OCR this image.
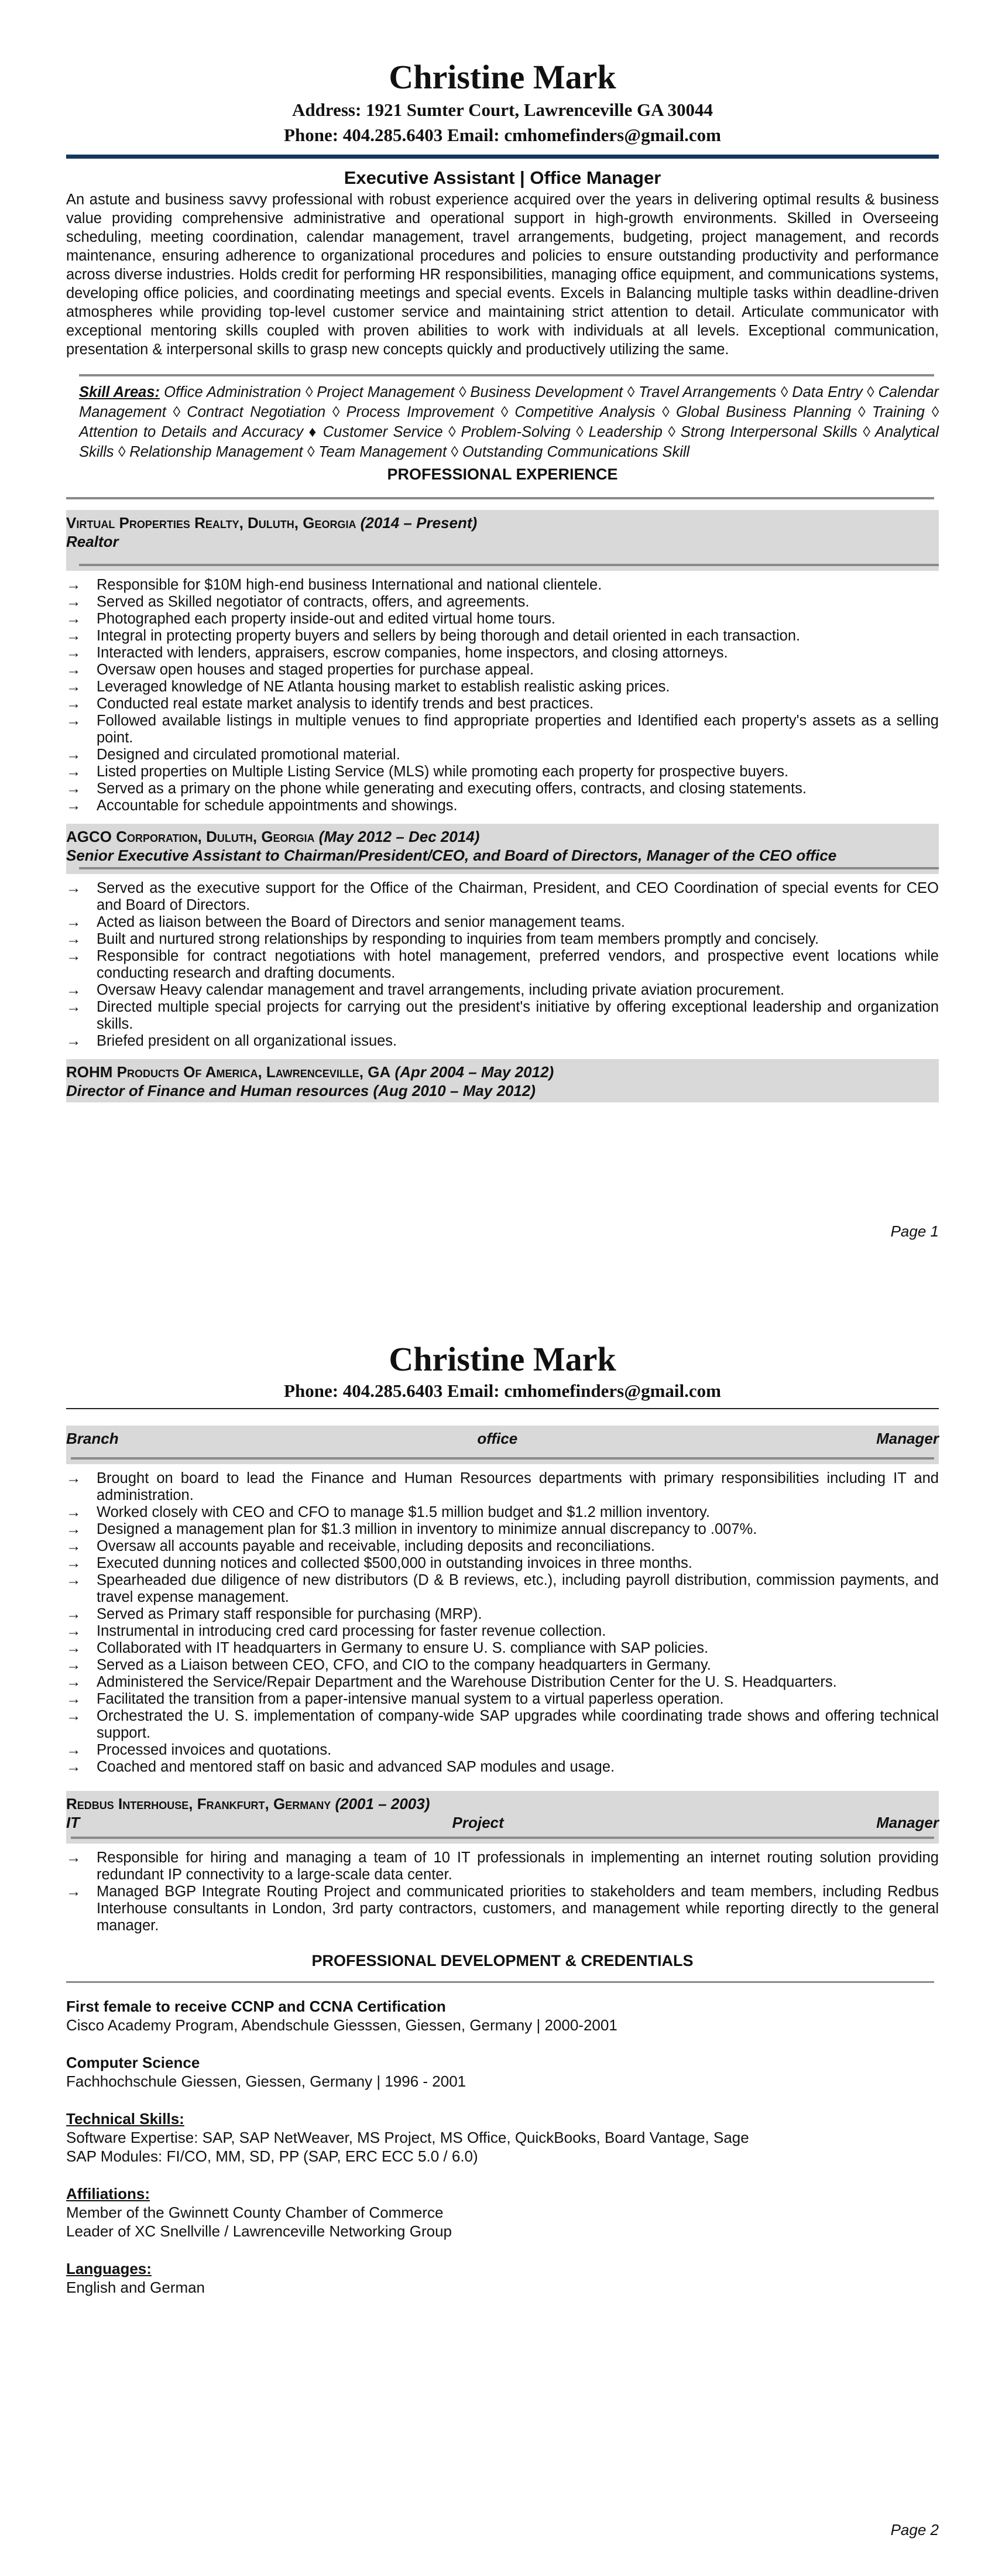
Christine Mark
Address: 1921 Sumter Court, Lawrenceville GA 30044
Phone: 404.285.6403 Email: cmhomefinders@gmail.com
Executive Assistant | Office Manager
An astute and business savvy professional with robust experience acquired over the years in delivering optimal results & business value providing comprehensive administrative and operational support in high-growth environments. Skilled in Overseeing scheduling, meeting coordination, calendar management, travel arrangements, budgeting, project management, and records maintenance, ensuring adherence to organizational procedures and policies to ensure outstanding productivity and performance across diverse industries. Holds credit for performing HR responsibilities, managing office equipment, and communications systems, developing office policies, and coordinating meetings and special events. Excels in Balancing multiple tasks within deadline-driven atmospheres while providing top-level customer service and maintaining strict attention to detail. Articulate communicator with exceptional mentoring skills coupled with proven abilities to work with individuals at all levels. Exceptional communication, presentation & interpersonal skills to grasp new concepts quickly and productively utilizing the same.
Skill Areas: Office Administration ◊ Project Management ◊ Business Development ◊ Travel Arrangements ◊ Data Entry ◊ Calendar Management ◊ Contract Negotiation ◊ Process Improvement ◊ Competitive Analysis ◊ Global Business Planning ◊ Training ◊ Attention to Details and Accuracy ♦ Customer Service ◊ Problem-Solving ◊ Leadership ◊ Strong Interpersonal Skills ◊ Analytical Skills ◊ Relationship Management ◊ Team Management ◊ Outstanding Communications Skill
PROFESSIONAL EXPERIENCE
Virtual Properties Realty, Duluth, Georgia (2014 – Present)
Realtor
→ Responsible for $10M high-end business International and national clientele.
→ Served as Skilled negotiator of contracts, offers, and agreements.
→ Photographed each property inside-out and edited virtual home tours.
→ Integral in protecting property buyers and sellers by being thorough and detail oriented in each transaction.
→ Interacted with lenders, appraisers, escrow companies, home inspectors, and closing attorneys.
→ Oversaw open houses and staged properties for purchase appeal.
→ Leveraged knowledge of NE Atlanta housing market to establish realistic asking prices.
→ Conducted real estate market analysis to identify trends and best practices.
→ Followed available listings in multiple venues to find appropriate properties and Identified each property's assets as a selling point.
→ Designed and circulated promotional material.
→ Listed properties on Multiple Listing Service (MLS) while promoting each property for prospective buyers.
→ Served as a primary on the phone while generating and executing offers, contracts, and closing statements.
→ Accountable for schedule appointments and showings.
AGCO Corporation, Duluth, Georgia (May 2012 – Dec 2014)
Senior Executive Assistant to Chairman/President/CEO, and Board of Directors, Manager of the CEO office
→ Served as the executive support for the Office of the Chairman, President, and CEO Coordination of special events for CEO and Board of Directors.
→ Acted as liaison between the Board of Directors and senior management teams.
→ Built and nurtured strong relationships by responding to inquiries from team members promptly and concisely.
→ Responsible for contract negotiations with hotel management, preferred vendors, and prospective event locations while conducting research and drafting documents.
→ Oversaw Heavy calendar management and travel arrangements, including private aviation procurement.
→ Directed multiple special projects for carrying out the president's initiative by offering exceptional leadership and organization skills.
→ Briefed president on all organizational issues.
ROHM Products Of America, Lawrenceville, GA (Apr 2004 – May 2012)
Director of Finance and Human resources (Aug 2010 – May 2012)
Page 1
Christine Mark
Phone: 404.285.6403 Email: cmhomefinders@gmail.com
Branch office Manager
→ Brought on board to lead the Finance and Human Resources departments with primary responsibilities including IT and administration.
→ Worked closely with CEO and CFO to manage $1.5 million budget and $1.2 million inventory.
→ Designed a management plan for $1.3 million in inventory to minimize annual discrepancy to .007%.
→ Oversaw all accounts payable and receivable, including deposits and reconciliations.
→ Executed dunning notices and collected $500,000 in outstanding invoices in three months.
→ Spearheaded due diligence of new distributors (D & B reviews, etc.), including payroll distribution, commission payments, and travel expense management.
→ Served as Primary staff responsible for purchasing (MRP).
→ Instrumental in introducing cred card processing for faster revenue collection.
→ Collaborated with IT headquarters in Germany to ensure U. S. compliance with SAP policies.
→ Served as a Liaison between CEO, CFO, and CIO to the company headquarters in Germany.
→ Administered the Service/Repair Department and the Warehouse Distribution Center for the U. S. Headquarters.
→ Facilitated the transition from a paper-intensive manual system to a virtual paperless operation.
→ Orchestrated the U. S. implementation of company-wide SAP upgrades while coordinating trade shows and offering technical support.
→ Processed invoices and quotations.
→ Coached and mentored staff on basic and advanced SAP modules and usage.
Redbus Interhouse, Frankfurt, Germany (2001 – 2003)
IT Project Manager
→ Responsible for hiring and managing a team of 10 IT professionals in implementing an internet routing solution providing redundant IP connectivity to a large-scale data center.
→ Managed BGP Integrate Routing Project and communicated priorities to stakeholders and team members, including Redbus Interhouse consultants in London, 3rd party contractors, customers, and management while reporting directly to the general manager.
PROFESSIONAL DEVELOPMENT & CREDENTIALS
First female to receive CCNP and CCNA Certification
Cisco Academy Program, Abendschule Giesssen, Giessen, Germany | 2000-2001
Computer Science
Fachhochschule Giessen, Giessen, Germany | 1996 - 2001
Technical Skills:
Software Expertise: SAP, SAP NetWeaver, MS Project, MS Office, QuickBooks, Board Vantage, Sage
SAP Modules: FI/CO, MM, SD, PP (SAP, ERC ECC 5.0 / 6.0)
Affiliations:
Member of the Gwinnett County Chamber of Commerce
Leader of XC Snellville / Lawrenceville Networking Group
Languages:
English and German
Page 2
